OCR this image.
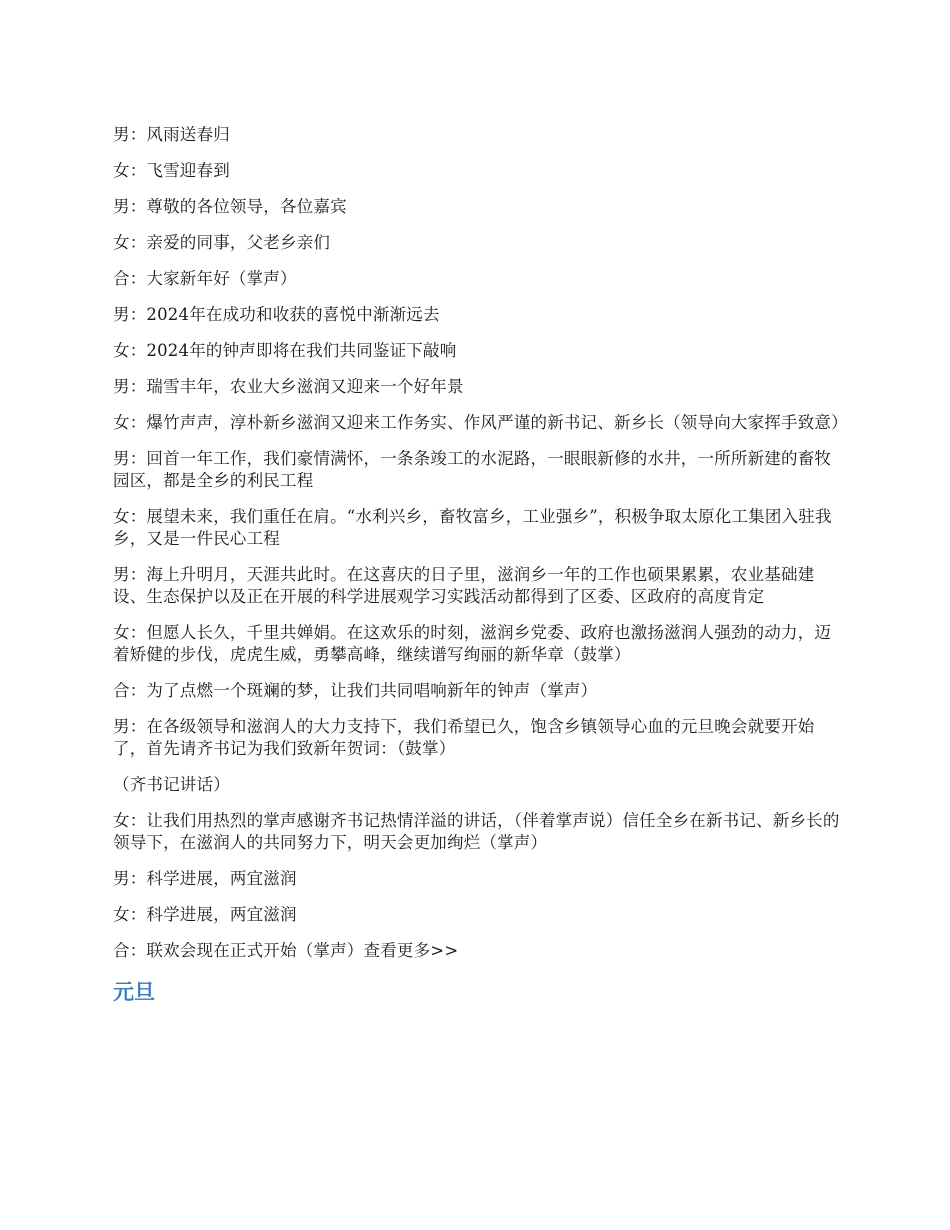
男：风雨送春归

女：飞雪迎春到

男：尊敬的各位领导，各位嘉宾

女：亲爱的同事，父老乡亲们

合：大家新年好（掌声）

男：2024年在成功和收获的喜悦中渐渐远去

女：2024年的钟声即将在我们共同鉴证下敲响

男：瑞雪丰年，农业大乡滋润又迎来一个好年景

女：爆竹声声，淳朴新乡滋润又迎来工作务实、作风严谨的新书记、新乡长（领导向大家挥手致意）

男：回首一年工作，我们豪情满怀，一条条竣工的水泥路，一眼眼新修的水井，一所所新建的畜牧园区，都是全乡的利民工程

女：展望未来，我们重任在肩。“水利兴乡，畜牧富乡，工业强乡”，积极争取太原化工集团入驻我乡，又是一件民心工程

男：海上升明月，天涯共此时。在这喜庆的日子里，滋润乡一年的工作也硕果累累，农业基础建设、生态保护以及正在开展的科学进展观学习实践活动都得到了区委、区政府的高度肯定

女：但愿人长久，千里共婵娟。在这欢乐的时刻，滋润乡党委、政府也激扬滋润人强劲的动力，迈着矫健的步伐，虎虎生威，勇攀高峰，继续谱写绚丽的新华章（鼓掌）

合：为了点燃一个斑斓的梦，让我们共同唱响新年的钟声（掌声）

男：在各级领导和滋润人的大力支持下，我们希望已久，饱含乡镇领导心血的元旦晚会就要开始了，首先请齐书记为我们致新年贺词：（鼓掌）

（齐书记讲话）

女：让我们用热烈的掌声感谢齐书记热情洋溢的讲话，（伴着掌声说）信任全乡在新书记、新乡长的领导下，在滋润人的共同努力下，明天会更加绚烂（掌声）

男：科学进展，两宜滋润

女：科学进展，两宜滋润

合：联欢会现在正式开始（掌声）查看更多>>

元旦
